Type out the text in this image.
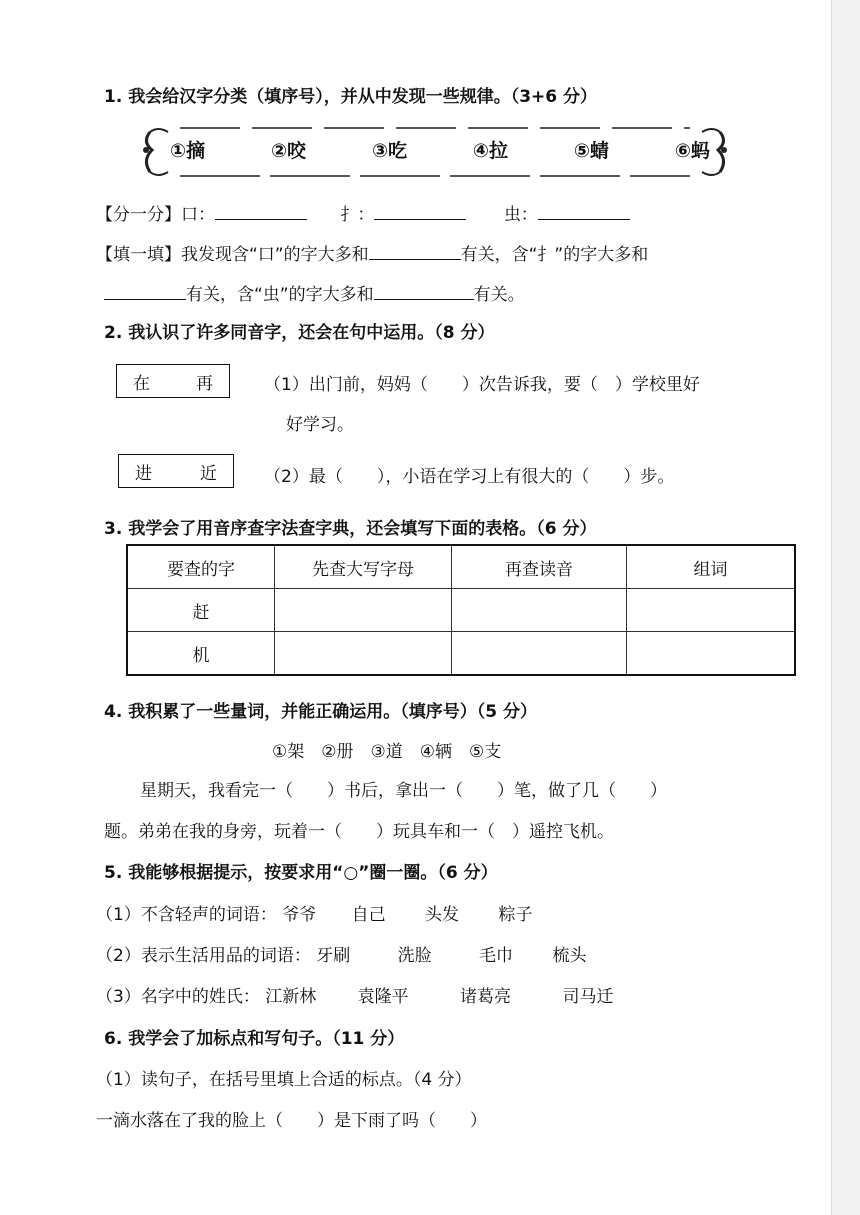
1. 我会给汉字分类（填序号），并从中发现一些规律。（3+6 分）
①摘	②咬	③吃	④拉	⑤蜻	⑥蚂
【分一分】口：	扌：	虫：
【填一填】我发现含“口”的字大多和	有关，含“扌”的字大多和
有关，含“虫”的字大多和	有关。
2. 我认识了许多同音字，还会在句中运用。（8 分）
在	再	（1）出门前，妈妈（　　）次告诉我，要（　）学校里好
好学习。
进	近	（2）最（　　），小语在学习上有很大的（　　）步。
3. 我学会了用音序查字法查字典，还会填写下面的表格。（6 分）
要查的字	先查大写字母	再查读音	组词
赶			
机			
4. 我积累了一些量词，并能正确运用。（填序号）（5 分）
①架　②册　③道　④辆　⑤支
星期天，我看完一（　　）书后，拿出一（　　）笔，做了几（　　）
题。弟弟在我的身旁，玩着一（　　）玩具车和一（　）遥控飞机。
5. 我能够根据提示，按要求用“○”圈一圈。（6 分）
（1）不含轻声的词语： 爷爷 自己 头发 粽子
（2）表示生活用品的词语： 牙刷	洗脸	毛巾 梳头
（3）名字中的姓氏： 江新林 袁隆平	诸葛亮	司马迁
6. 我学会了加标点和写句子。（11 分）
（1）读句子，在括号里填上合适的标点。（4 分）
一滴水落在了我的脸上（　　）是下雨了吗（　　）
